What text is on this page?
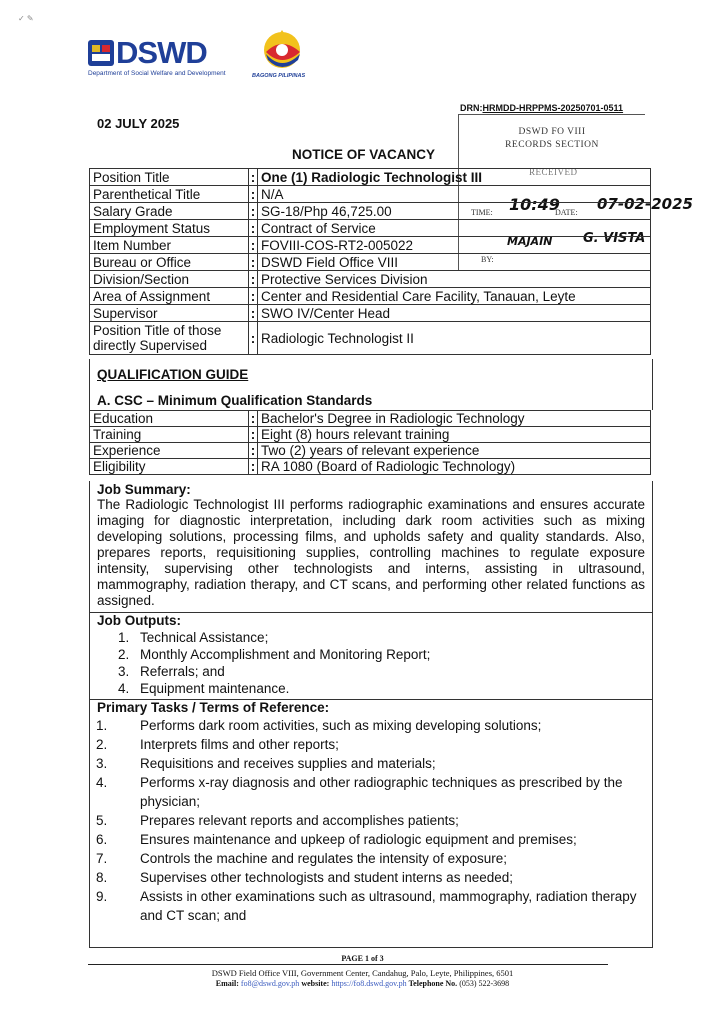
✓ ✎
DSWD
Department of Social Welfare and Development	BAGONG PILIPINAS
DRN:HRMDD-HRPPMS-20250701-0511
02 JULY 2025
DSWD FO VIII
RECORDS SECTION
RECEIVED
TIME:	DATE:
BY:
10:49 07-02-2025
MAJAIN G. VISTA
NOTICE OF VACANCY
Position Title	:	One (1) Radiologic Technologist III
Parenthetical Title	:	N/A
Salary Grade	:	SG-18/Php 46,725.00
Employment Status	:	Contract of Service
Item Number	:	FOVIII-COS-RT2-005022
Bureau or Office	:	DSWD Field Office VIII
Division/Section	:	Protective Services Division
Area of Assignment	:	Center and Residential Care Facility, Tanauan, Leyte
Supervisor	:	SWO IV/Center Head
Position Title of those directly Supervised	:	Radiologic Technologist II
QUALIFICATION GUIDE
A. CSC – Minimum Qualification Standards
Education	:	Bachelor's Degree in Radiologic Technology
Training	:	Eight (8) hours relevant training
Experience	:	Two (2) years of relevant experience
Eligibility	:	RA 1080 (Board of Radiologic Technology)
Job Summary:
The Radiologic Technologist III performs radiographic examinations and ensures accurate imaging for diagnostic interpretation, including dark room activities such as mixing developing solutions, processing films, and upholds safety and quality standards. Also, prepares reports, requisitioning supplies, controlling machines to regulate exposure intensity, supervising other technologists and interns, assisting in ultrasound, mammography, radiation therapy, and CT scans, and performing other related functions as assigned.
Job Outputs:
1. Technical Assistance;
2. Monthly Accomplishment and Monitoring Report;
3. Referrals; and
4. Equipment maintenance.
Primary Tasks / Terms of Reference:
1. Performs dark room activities, such as mixing developing solutions;
2. Interprets films and other reports;
3. Requisitions and receives supplies and materials;
4. Performs x-ray diagnosis and other radiographic techniques as prescribed by the physician;
5. Prepares relevant reports and accomplishes patients;
6. Ensures maintenance and upkeep of radiologic equipment and premises;
7. Controls the machine and regulates the intensity of exposure;
8. Supervises other technologists and student interns as needed;
9. Assists in other examinations such as ultrasound, mammography, radiation therapy and CT scan; and
PAGE 1 of 3
DSWD Field Office VIII, Government Center, Candahug, Palo, Leyte, Philippines, 6501
Email: fo8@dswd.gov.ph website: https://fo8.dswd.gov.ph Telephone No. (053) 522-3698
